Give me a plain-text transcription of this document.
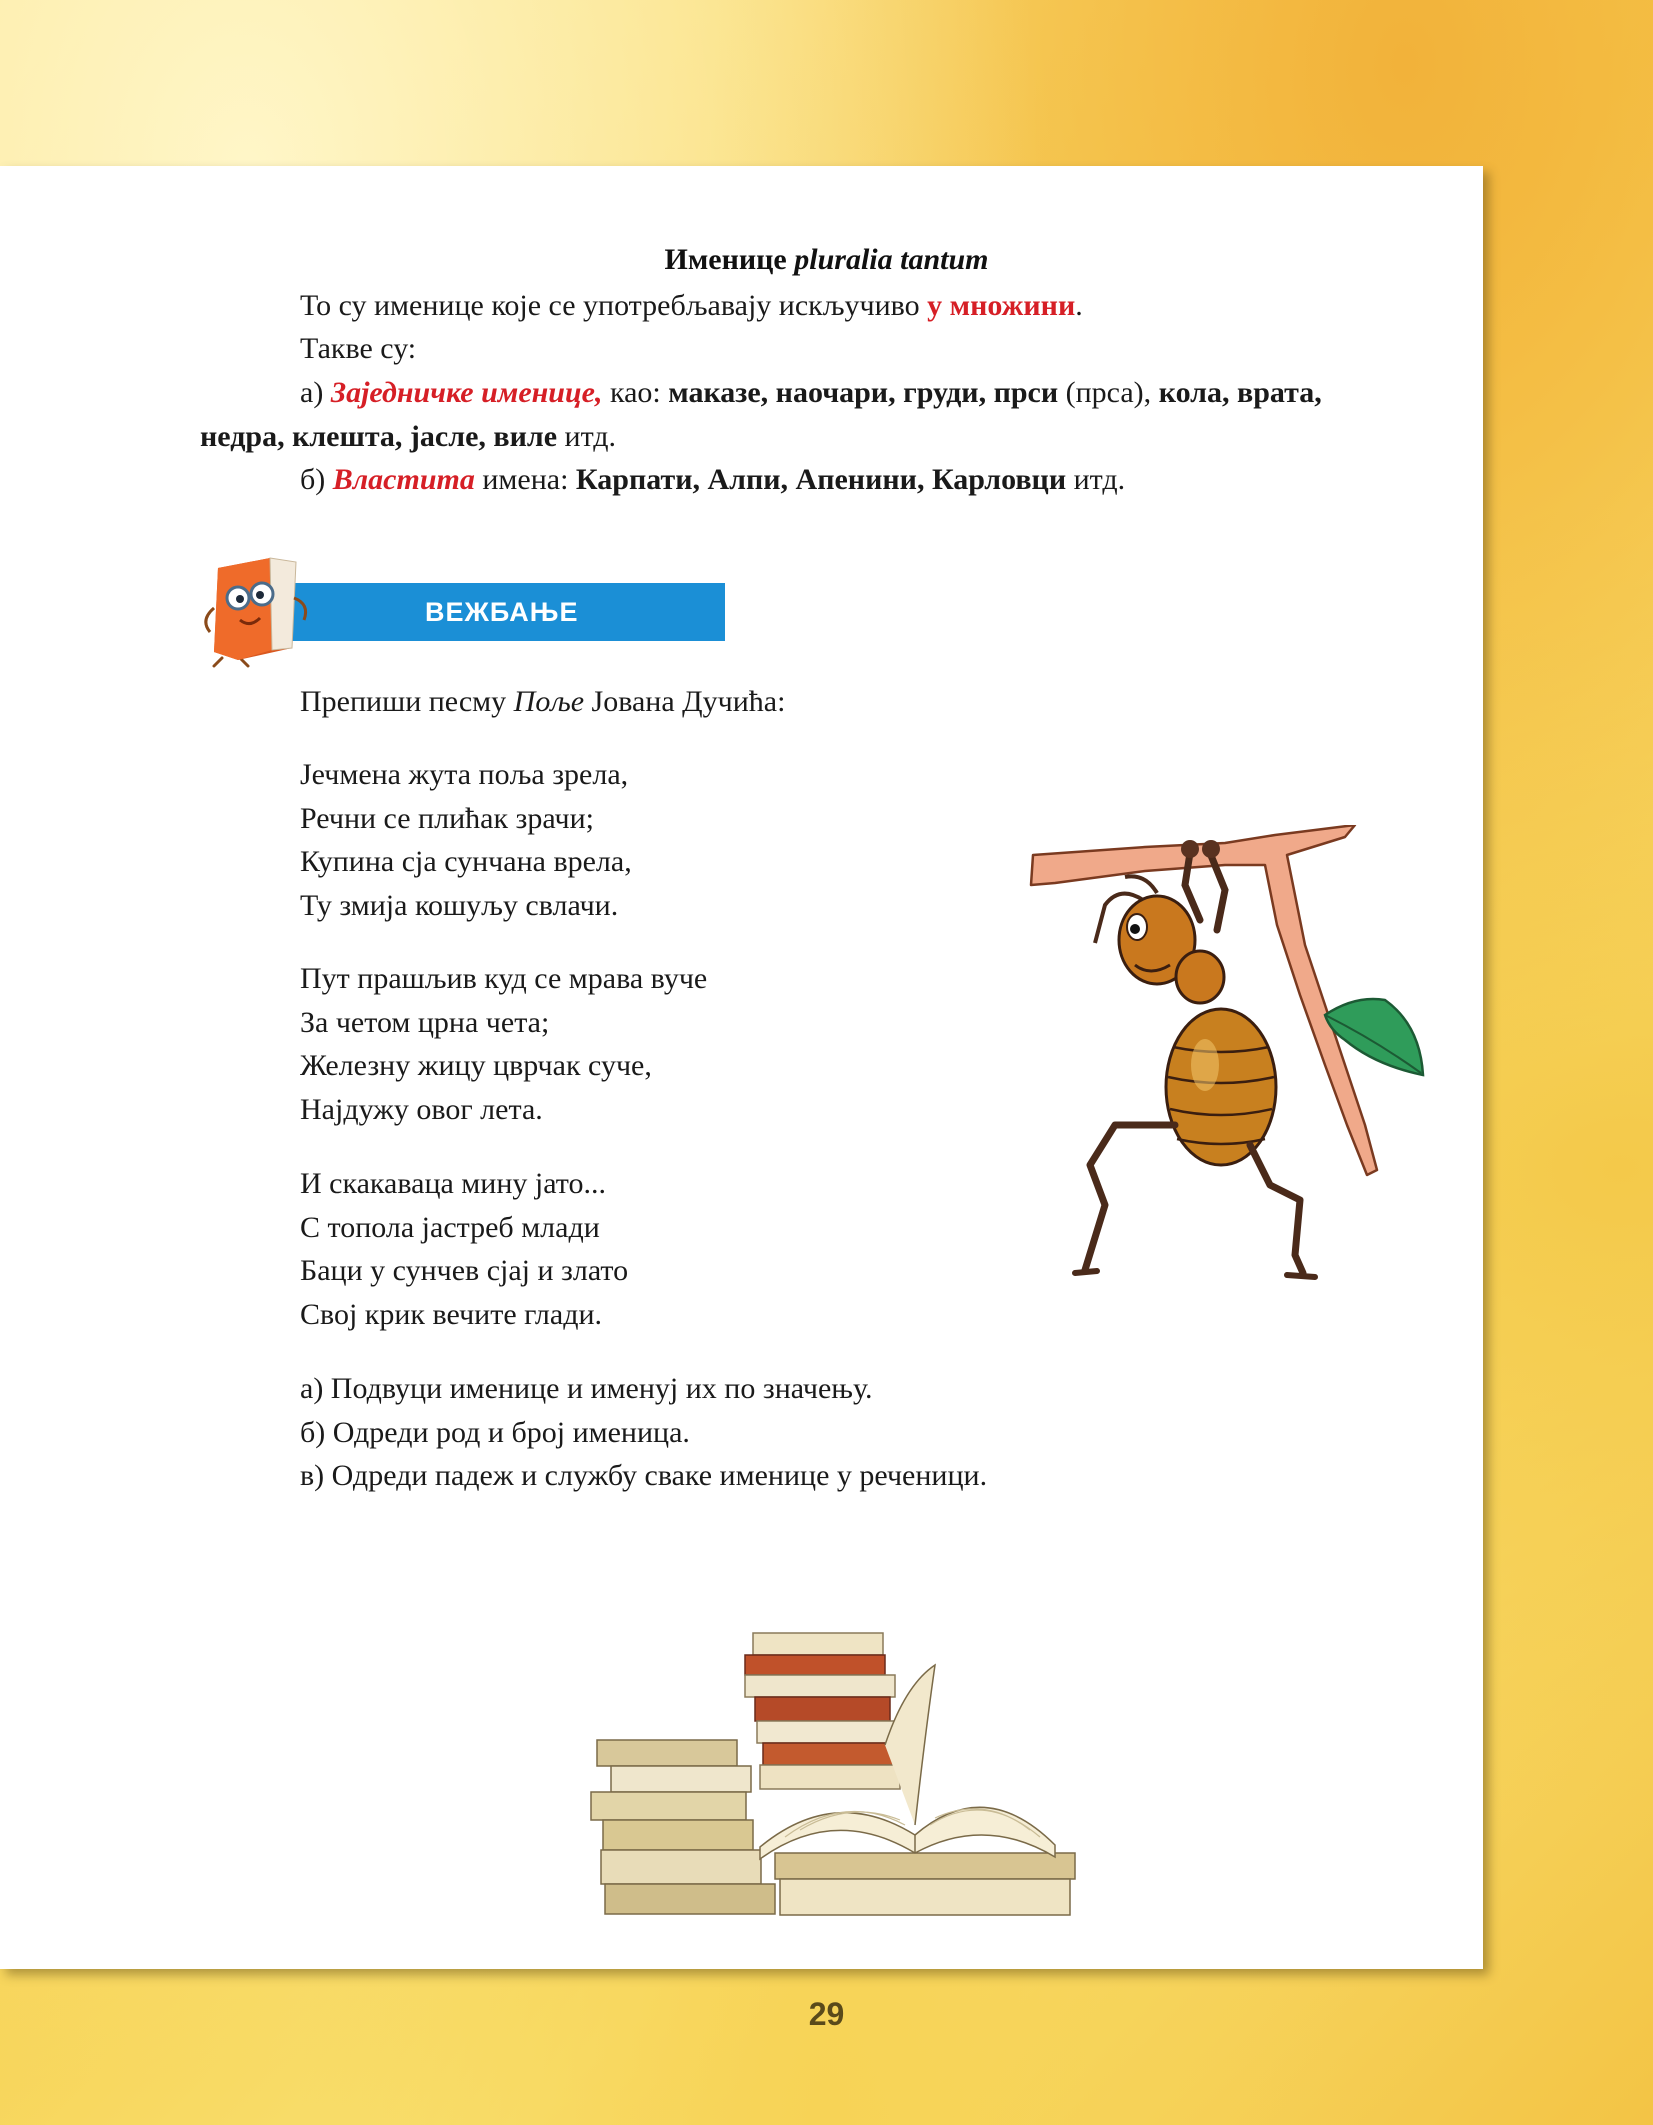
Именице pluralia tantum
То су именице које се употребљавају искључиво у множини.
Такве су:
а) Заједничке именице, као: маказе, наочари, груди, прси (прса), кола, врата,
недра, клешта, јасле, виле итд.
б) Властита имена: Карпати, Алпи, Апенини, Карловци итд.
ВЕЖБАЊЕ
Препиши песму Поље Јована Дучића:
Јечмена жута поља зрела,
Речни се плићак зрачи;
Купина сја сунчана врела,
Ту змија кошуљу свлачи.
Пут прашљив куд се мрава вуче
За четом црна чета;
Железну жицу цврчак суче,
Најдужу овог лета.
И скакаваца мину јато...
С топола јастреб млади
Баци у сунчев сјај и злато
Свој крик вечите глади.
а) Подвуци именице и именуј их по значењу.
б) Одреди род и број именица.
в) Одреди падеж и службу сваке именице у реченици.
29
